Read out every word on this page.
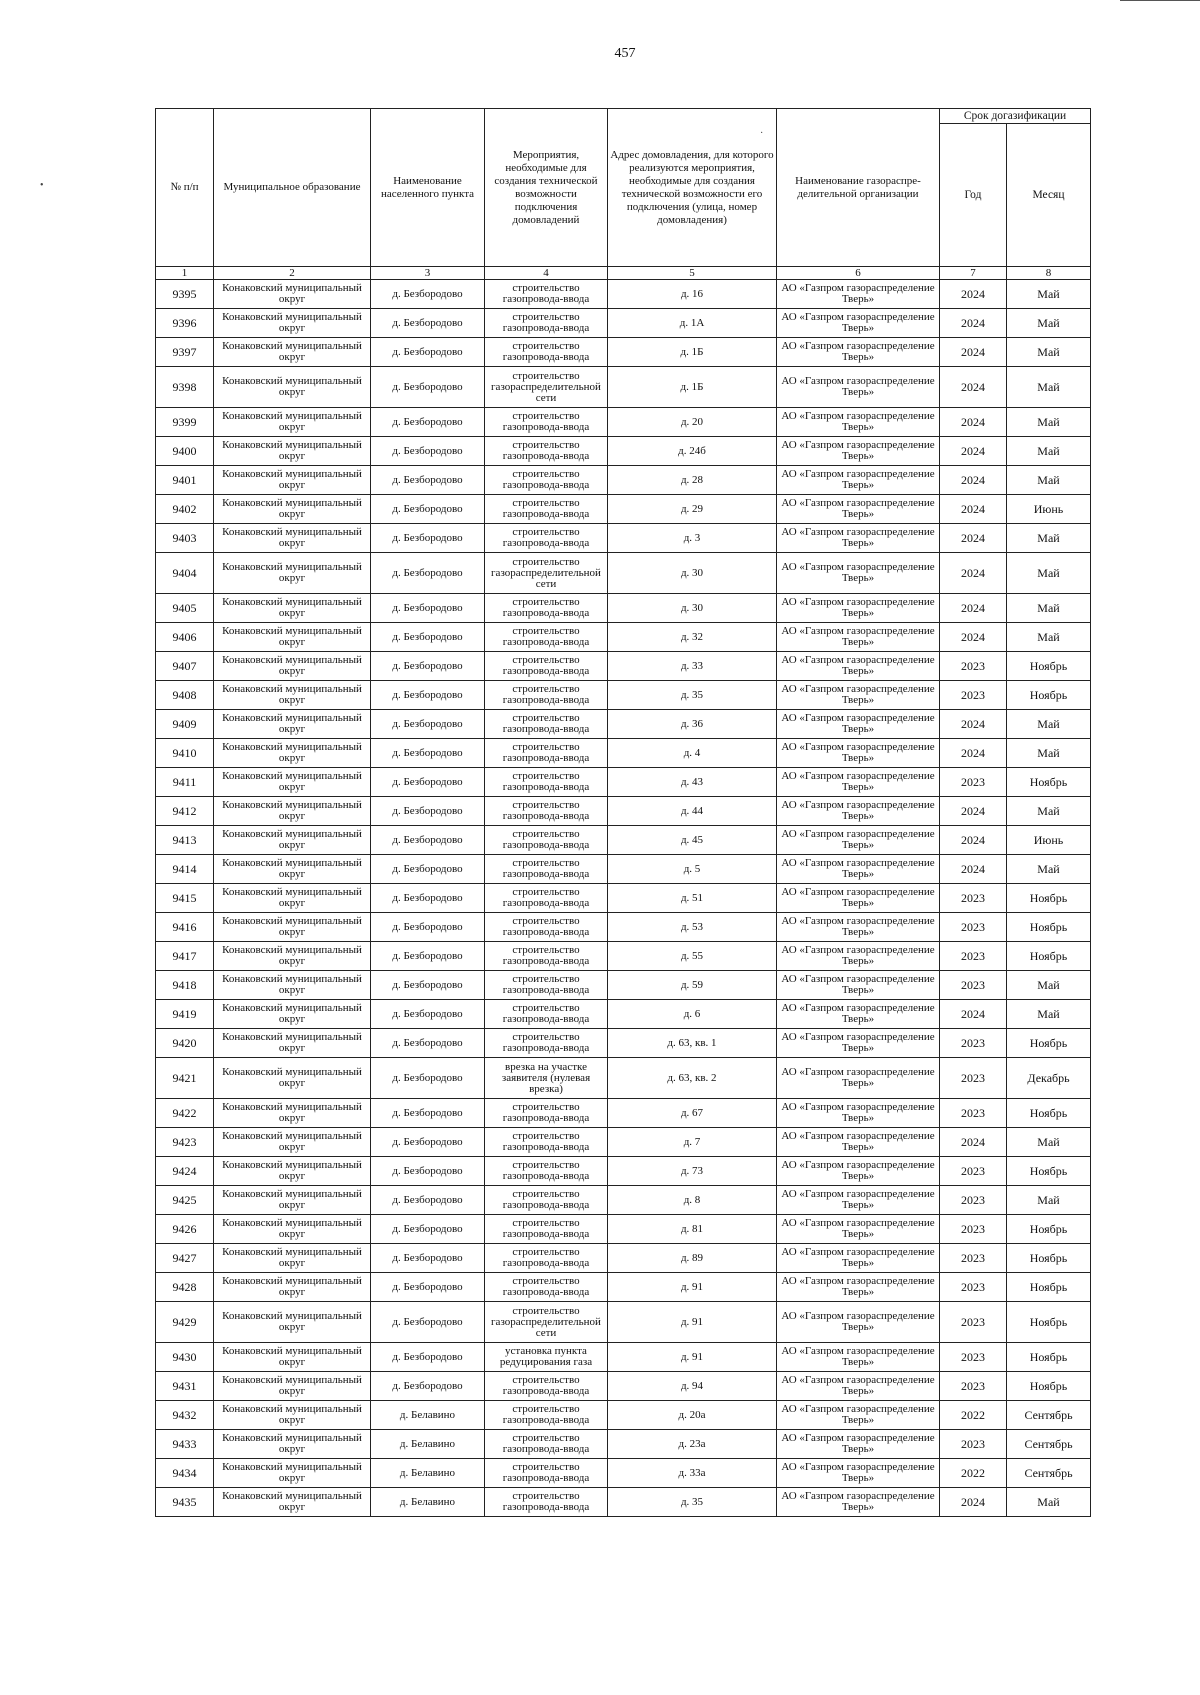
457
•
·
№ п/п	Муниципальное образование	Наименование населенного пункта	Мероприятия, необходимые для создания технической возможности подключения домовладений	Адрес домовладения, для которого реализуются мероприятия, необходимые для создания технической возможности его подключения (улица, номер домовладения)	Наименование газораспре-делительной организации	Срок догазификации	
						Год	Месяц
1	2	3	4	5	6	7	8
9395	Конаковский муниципальный округ	д. Безбородово	строительство газопровода-ввода	д. 16	АО «Газпром газораспределение Тверь»	2024	Май
9396	Конаковский муниципальный округ	д. Безбородово	строительство газопровода-ввода	д. 1А	АО «Газпром газораспределение Тверь»	2024	Май
9397	Конаковский муниципальный округ	д. Безбородово	строительство газопровода-ввода	д. 1Б	АО «Газпром газораспределение Тверь»	2024	Май
9398	Конаковский муниципальный округ	д. Безбородово	строительство газораспределительной сети	д. 1Б	АО «Газпром газораспределение Тверь»	2024	Май
9399	Конаковский муниципальный округ	д. Безбородово	строительство газопровода-ввода	д. 20	АО «Газпром газораспределение Тверь»	2024	Май
9400	Конаковский муниципальный округ	д. Безбородово	строительство газопровода-ввода	д. 24б	АО «Газпром газораспределение Тверь»	2024	Май
9401	Конаковский муниципальный округ	д. Безбородово	строительство газопровода-ввода	д. 28	АО «Газпром газораспределение Тверь»	2024	Май
9402	Конаковский муниципальный округ	д. Безбородово	строительство газопровода-ввода	д. 29	АО «Газпром газораспределение Тверь»	2024	Июнь
9403	Конаковский муниципальный округ	д. Безбородово	строительство газопровода-ввода	д. 3	АО «Газпром газораспределение Тверь»	2024	Май
9404	Конаковский муниципальный округ	д. Безбородово	строительство газораспределительной сети	д. 30	АО «Газпром газораспределение Тверь»	2024	Май
9405	Конаковский муниципальный округ	д. Безбородово	строительство газопровода-ввода	д. 30	АО «Газпром газораспределение Тверь»	2024	Май
9406	Конаковский муниципальный округ	д. Безбородово	строительство газопровода-ввода	д. 32	АО «Газпром газораспределение Тверь»	2024	Май
9407	Конаковский муниципальный округ	д. Безбородово	строительство газопровода-ввода	д. 33	АО «Газпром газораспределение Тверь»	2023	Ноябрь
9408	Конаковский муниципальный округ	д. Безбородово	строительство газопровода-ввода	д. 35	АО «Газпром газораспределение Тверь»	2023	Ноябрь
9409	Конаковский муниципальный округ	д. Безбородово	строительство газопровода-ввода	д. 36	АО «Газпром газораспределение Тверь»	2024	Май
9410	Конаковский муниципальный округ	д. Безбородово	строительство газопровода-ввода	д. 4	АО «Газпром газораспределение Тверь»	2024	Май
9411	Конаковский муниципальный округ	д. Безбородово	строительство газопровода-ввода	д. 43	АО «Газпром газораспределение Тверь»	2023	Ноябрь
9412	Конаковский муниципальный округ	д. Безбородово	строительство газопровода-ввода	д. 44	АО «Газпром газораспределение Тверь»	2024	Май
9413	Конаковский муниципальный округ	д. Безбородово	строительство газопровода-ввода	д. 45	АО «Газпром газораспределение Тверь»	2024	Июнь
9414	Конаковский муниципальный округ	д. Безбородово	строительство газопровода-ввода	д. 5	АО «Газпром газораспределение Тверь»	2024	Май
9415	Конаковский муниципальный округ	д. Безбородово	строительство газопровода-ввода	д. 51	АО «Газпром газораспределение Тверь»	2023	Ноябрь
9416	Конаковский муниципальный округ	д. Безбородово	строительство газопровода-ввода	д. 53	АО «Газпром газораспределение Тверь»	2023	Ноябрь
9417	Конаковский муниципальный округ	д. Безбородово	строительство газопровода-ввода	д. 55	АО «Газпром газораспределение Тверь»	2023	Ноябрь
9418	Конаковский муниципальный округ	д. Безбородово	строительство газопровода-ввода	д. 59	АО «Газпром газораспределение Тверь»	2023	Май
9419	Конаковский муниципальный округ	д. Безбородово	строительство газопровода-ввода	д. 6	АО «Газпром газораспределение Тверь»	2024	Май
9420	Конаковский муниципальный округ	д. Безбородово	строительство газопровода-ввода	д. 63, кв. 1	АО «Газпром газораспределение Тверь»	2023	Ноябрь
9421	Конаковский муниципальный округ	д. Безбородово	врезка на участке заявителя (нулевая врезка)	д. 63, кв. 2	АО «Газпром газораспределение Тверь»	2023	Декабрь
9422	Конаковский муниципальный округ	д. Безбородово	строительство газопровода-ввода	д. 67	АО «Газпром газораспределение Тверь»	2023	Ноябрь
9423	Конаковский муниципальный округ	д. Безбородово	строительство газопровода-ввода	д. 7	АО «Газпром газораспределение Тверь»	2024	Май
9424	Конаковский муниципальный округ	д. Безбородово	строительство газопровода-ввода	д. 73	АО «Газпром газораспределение Тверь»	2023	Ноябрь
9425	Конаковский муниципальный округ	д. Безбородово	строительство газопровода-ввода	д. 8	АО «Газпром газораспределение Тверь»	2023	Май
9426	Конаковский муниципальный округ	д. Безбородово	строительство газопровода-ввода	д. 81	АО «Газпром газораспределение Тверь»	2023	Ноябрь
9427	Конаковский муниципальный округ	д. Безбородово	строительство газопровода-ввода	д. 89	АО «Газпром газораспределение Тверь»	2023	Ноябрь
9428	Конаковский муниципальный округ	д. Безбородово	строительство газопровода-ввода	д. 91	АО «Газпром газораспределение Тверь»	2023	Ноябрь
9429	Конаковский муниципальный округ	д. Безбородово	строительство газораспределительной сети	д. 91	АО «Газпром газораспределение Тверь»	2023	Ноябрь
9430	Конаковский муниципальный округ	д. Безбородово	установка пункта редуцирования газа	д. 91	АО «Газпром газораспределение Тверь»	2023	Ноябрь
9431	Конаковский муниципальный округ	д. Безбородово	строительство газопровода-ввода	д. 94	АО «Газпром газораспределение Тверь»	2023	Ноябрь
9432	Конаковский муниципальный округ	д. Белавино	строительство газопровода-ввода	д. 20а	АО «Газпром газораспределение Тверь»	2022	Сентябрь
9433	Конаковский муниципальный округ	д. Белавино	строительство газопровода-ввода	д. 23а	АО «Газпром газораспределение Тверь»	2023	Сентябрь
9434	Конаковский муниципальный округ	д. Белавино	строительство газопровода-ввода	д. 33а	АО «Газпром газораспределение Тверь»	2022	Сентябрь
9435	Конаковский муниципальный округ	д. Белавино	строительство газопровода-ввода	д. 35	АО «Газпром газораспределение Тверь»	2024	Май
